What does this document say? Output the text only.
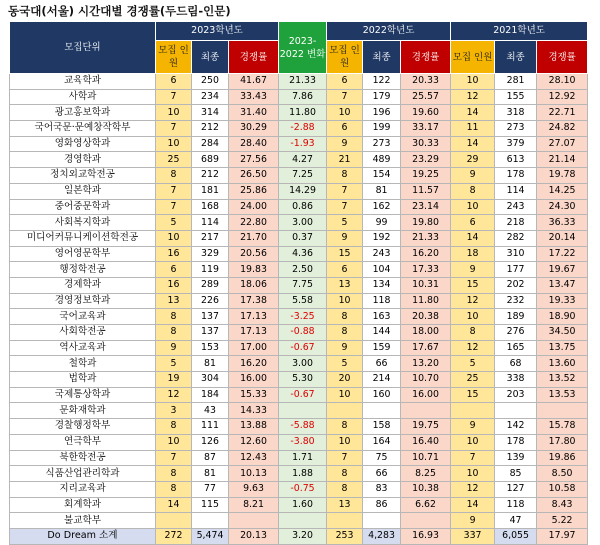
동국대(서울) 시간대별 경쟁률(두드림-인문)
모집단위	2023학년도			2023-2022 변화	2022학년도			2021학년도		
	모집 인원	최종	경쟁률		모집 인원	최종	경쟁률	모집 인원	최종	경쟁률
교육학과	6	250	41.67	21.33	6	122	20.33	10	281	28.10
사학과	7	234	33.43	7.86	7	179	25.57	12	155	12.92
광고홍보학과	10	314	31.40	11.80	10	196	19.60	14	318	22.71
국어국문·문예창작학부	7	212	30.29	-2.88	6	199	33.17	11	273	24.82
영화영상학과	10	284	28.40	-1.93	9	273	30.33	14	379	27.07
경영학과	25	689	27.56	4.27	21	489	23.29	29	613	21.14
정치외교학전공	8	212	26.50	7.25	8	154	19.25	9	178	19.78
일본학과	7	181	25.86	14.29	7	81	11.57	8	114	14.25
중어중문학과	7	168	24.00	0.86	7	162	23.14	10	243	24.30
사회복지학과	5	114	22.80	3.00	5	99	19.80	6	218	36.33
미디어커뮤니케이션학전공	10	217	21.70	0.37	9	192	21.33	14	282	20.14
영어영문학부	16	329	20.56	4.36	15	243	16.20	18	310	17.22
행정학전공	6	119	19.83	2.50	6	104	17.33	9	177	19.67
경제학과	16	289	18.06	7.75	13	134	10.31	15	202	13.47
경영정보학과	13	226	17.38	5.58	10	118	11.80	12	232	19.33
국어교육과	8	137	17.13	-3.25	8	163	20.38	10	189	18.90
사회학전공	8	137	17.13	-0.88	8	144	18.00	8	276	34.50
역사교육과	9	153	17.00	-0.67	9	159	17.67	12	165	13.75
철학과	5	81	16.20	3.00	5	66	13.20	5	68	13.60
법학과	19	304	16.00	5.30	20	214	10.70	25	338	13.52
국제통상학과	12	184	15.33	-0.67	10	160	16.00	15	203	13.53
문화재학과	3	43	14.33							
경찰행정학부	8	111	13.88	-5.88	8	158	19.75	9	142	15.78
연극학부	10	126	12.60	-3.80	10	164	16.40	10	178	17.80
북한학전공	7	87	12.43	1.71	7	75	10.71	7	139	19.86
식품산업관리학과	8	81	10.13	1.88	8	66	8.25	10	85	8.50
지리교육과	8	77	9.63	-0.75	8	83	10.38	12	127	10.58
회계학과	14	115	8.21	1.60	13	86	6.62	14	118	8.43
불교학부								9	47	5.22
Do Dream 소계	272	5,474	20.13	3.20	253	4,283	16.93	337	6,055	17.97
